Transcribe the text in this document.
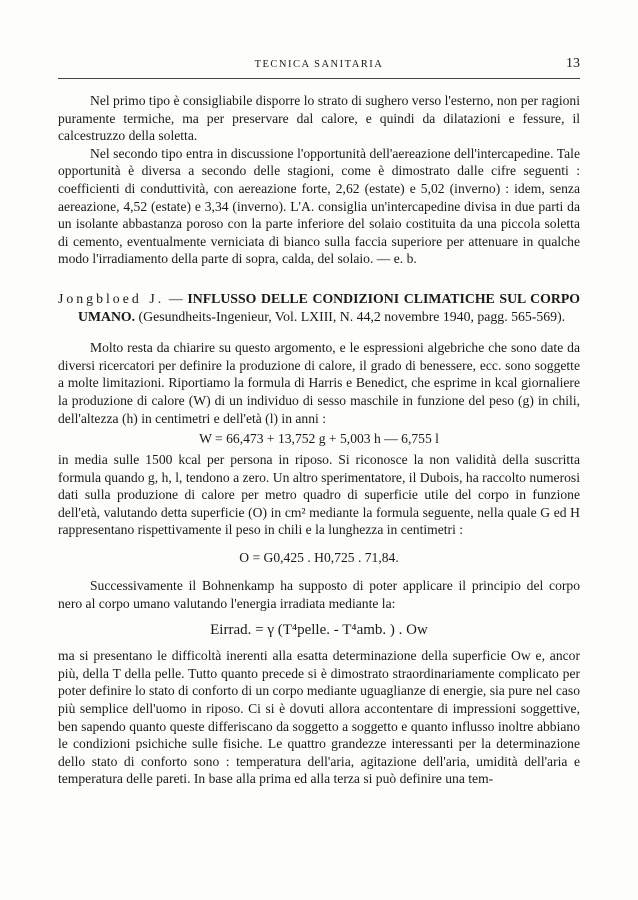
TECNICA SANITARIA	13

Nel primo tipo è consigliabile disporre lo strato di sughero verso l'esterno, non per ragioni puramente termiche, ma per preservare dal calore, e quindi da dilatazioni e fessure, il calcestruzzo della soletta.

Nel secondo tipo entra in discussione l'opportunità dell'aereazione dell'intercapedine. Tale opportunità è diversa a secondo delle stagioni, come è dimostrato dalle cifre seguenti : coefficienti di conduttività, con aereazione forte, 2,62 (estate) e 5,02 (inverno) : idem, senza aereazione, 4,52 (estate) e 3,34 (inverno). L'A. consiglia un'intercapedine divisa in due parti da un isolante abbastanza poroso con la parte inferiore del solaio costituita da una piccola soletta di cemento, eventualmente verniciata di bianco sulla faccia superiore per attenuare in qualche modo l'irradiamento della parte di sopra, calda, del solaio. — e. b.

Jongbloed J. — INFLUSSO DELLE CONDIZIONI CLIMATICHE SUL CORPO UMANO. (Gesundheits-Ingenieur, Vol. LXIII, N. 44,2 novembre 1940, pagg. 565-569).

Molto resta da chiarire su questo argomento, e le espressioni algebriche che sono date da diversi ricercatori per definire la produzione di calore, il grado di benessere, ecc. sono soggette a molte limitazioni. Riportiamo la formula di Harris e Benedict, che esprime in kcal giornaliere la produzione di calore (W) di un individuo di sesso maschile in funzione del peso (g) in chili, dell'altezza (h) in centimetri e dell'età (l) in anni :

W = 66,473 + 13,752 g + 5,003 h — 6,755 l

in media sulle 1500 kcal per persona in riposo. Si riconosce la non validità della suscritta formula quando g, h, l, tendono a zero. Un altro sperimentatore, il Dubois, ha raccolto numerosi dati sulla produzione di calore per metro quadro di superficie utile del corpo in funzione dell'età, valutando detta superficie (O) in cm² mediante la formula seguente, nella quale G ed H rappresentano rispettivamente il peso in chili e la lunghezza in centimetri :

O = G0,425 . H0,725 . 71,84.

Successivamente il Bohnenkamp ha supposto di poter applicare il principio del corpo nero al corpo umano valutando l'energia irradiata mediante la:

Eirrad. = γ (T⁴pelle. - T⁴amb. ) . Ow

ma si presentano le difficoltà inerenti alla esatta determinazione della superficie Ow e, ancor più, della T della pelle. Tutto quanto precede si è dimostrato straordinariamente complicato per poter definire lo stato di conforto di un corpo mediante uguaglianze di energie, sia pure nel caso più semplice dell'uomo in riposo. Ci si è dovuti allora accontentare di impressioni soggettive, ben sapendo quanto queste differiscano da soggetto a soggetto e quanto influsso inoltre abbiano le condizioni psichiche sulle fisiche. Le quattro grandezze interessanti per la determinazione dello stato di conforto sono : temperatura dell'aria, agitazione dell'aria, umidità dell'aria e temperatura delle pareti. In base alla prima ed alla terza si può definire una tem-
